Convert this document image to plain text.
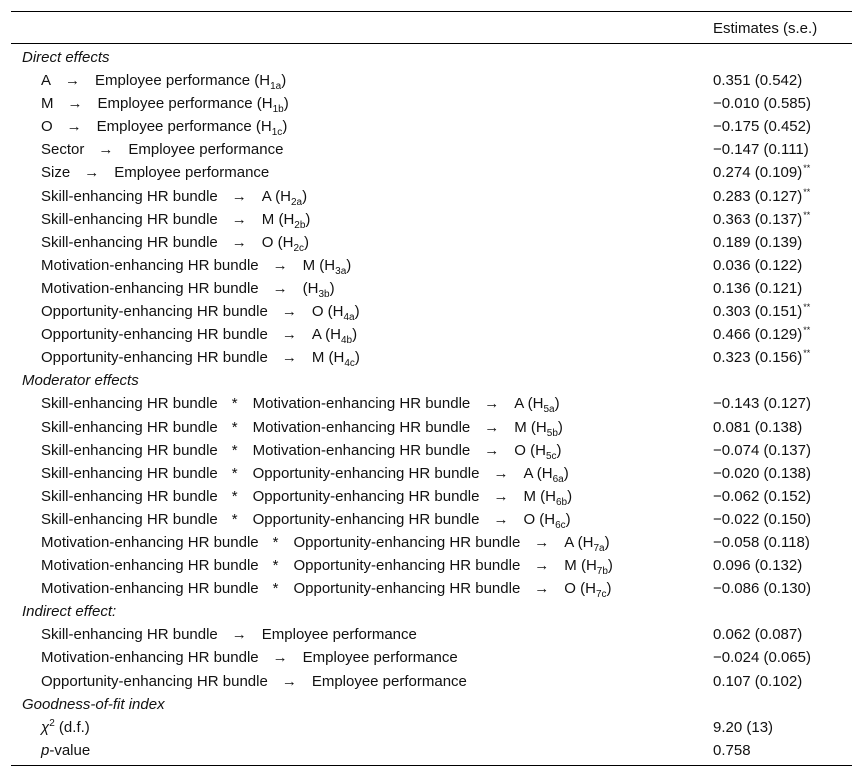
Estimates (s.e.)
Direct effects
A → Employee performance $(H_{1a})$	0.351 (0.542)
M → Employee performance $(H_{1b})$	−0.010 (0.585)
O → Employee performance $(H_{1c})$	−0.175 (0.452)
Sector → Employee performance	−0.147 (0.111)
Size → Employee performance	0.274 (0.109)**
Skill-enhancing HR bundle → A $(H_{2a})$	0.283 (0.127)**
Skill-enhancing HR bundle → M $(H_{2b})$	0.363 (0.137)**
Skill-enhancing HR bundle → O $(H_{2c})$	0.189 (0.139)
Motivation-enhancing HR bundle → M $(H_{3a})$	0.036 (0.122)
Motivation-enhancing HR bundle → $(H_{3b})$	0.136 (0.121)
Opportunity-enhancing HR bundle → O $(H_{4a})$	0.303 (0.151)**
Opportunity-enhancing HR bundle → A $(H_{4b})$	0.466 (0.129)**
Opportunity-enhancing HR bundle → M $(H_{4c})$	0.323 (0.156)**
Moderator effects
Skill-enhancing HR bundle * Motivation-enhancing HR bundle → A $(H_{5a})$	−0.143 (0.127)
Skill-enhancing HR bundle * Motivation-enhancing HR bundle → M $(H_{5b})$	0.081 (0.138)
Skill-enhancing HR bundle * Motivation-enhancing HR bundle → O $(H_{5c})$	−0.074 (0.137)
Skill-enhancing HR bundle * Opportunity-enhancing HR bundle → A $(H_{6a})$	−0.020 (0.138)
Skill-enhancing HR bundle * Opportunity-enhancing HR bundle → M $(H_{6b})$	−0.062 (0.152)
Skill-enhancing HR bundle * Opportunity-enhancing HR bundle → O $(H_{6c})$	−0.022 (0.150)
Motivation-enhancing HR bundle * Opportunity-enhancing HR bundle → A $(H_{7a})$	−0.058 (0.118)
Motivation-enhancing HR bundle * Opportunity-enhancing HR bundle → M $(H_{7b})$	0.096 (0.132)
Motivation-enhancing HR bundle * Opportunity-enhancing HR bundle → O $(H_{7c})$	−0.086 (0.130)
Indirect effect:
Skill-enhancing HR bundle → Employee performance	0.062 (0.087)
Motivation-enhancing HR bundle → Employee performance	−0.024 (0.065)
Opportunity-enhancing HR bundle → Employee performance	0.107 (0.102)
Goodness-of-fit index
$\chi^2$ (d.f.)	9.20 (13)
p-value	0.758
